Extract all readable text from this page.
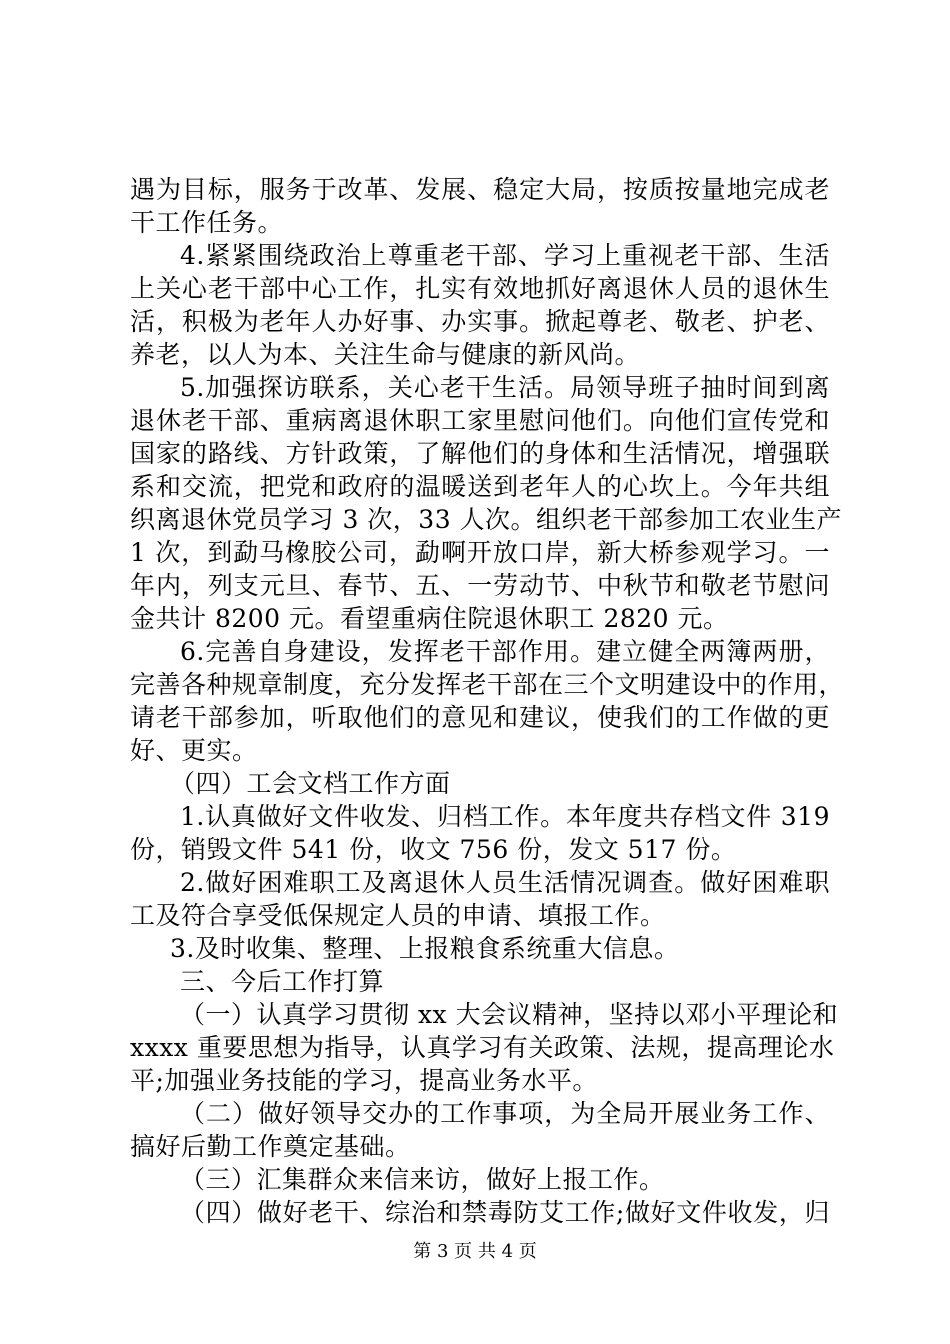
遇为目标，服务于改革、发展、稳定大局，按质按量地完成老
干工作任务。
4.紧紧围绕政治上尊重老干部、学习上重视老干部、生活
上关心老干部中心工作，扎实有效地抓好离退休人员的退休生
活，积极为老年人办好事、办实事。掀起尊老、敬老、护老、
养老，以人为本、关注生命与健康的新风尚。
5.加强探访联系，关心老干生活。局领导班子抽时间到离
退休老干部、重病离退休职工家里慰问他们。向他们宣传党和
国家的路线、方针政策，了解他们的身体和生活情况，增强联
系和交流，把党和政府的温暖送到老年人的心坎上。今年共组
织离退休党员学习 3 次，33 人次。组织老干部参加工农业生产
1 次，到勐马橡胶公司，勐啊开放口岸，新大桥参观学习。一
年内，列支元旦、春节、五、一劳动节、中秋节和敬老节慰问
金共计 8200 元。看望重病住院退休职工 2820 元。
6.完善自身建设，发挥老干部作用。建立健全两簿两册，
完善各种规章制度，充分发挥老干部在三个文明建设中的作用，
请老干部参加，听取他们的意见和建议，使我们的工作做的更
好、更实。
（四）工会文档工作方面
1.认真做好文件收发、归档工作。本年度共存档文件 319
份，销毁文件 541 份，收文 756 份，发文 517 份。
2.做好困难职工及离退休人员生活情况调查。做好困难职
工及符合享受低保规定人员的申请、填报工作。
3.及时收集、整理、上报粮食系统重大信息。
三、今后工作打算
（一）认真学习贯彻 xx 大会议精神，坚持以邓小平理论和
xxxx 重要思想为指导，认真学习有关政策、法规，提高理论水
平;加强业务技能的学习，提高业务水平。
（二）做好领导交办的工作事项，为全局开展业务工作、
搞好后勤工作奠定基础。
（三）汇集群众来信来访，做好上报工作。
（四）做好老干、综治和禁毒防艾工作;做好文件收发，归
第 3 页 共 4 页
